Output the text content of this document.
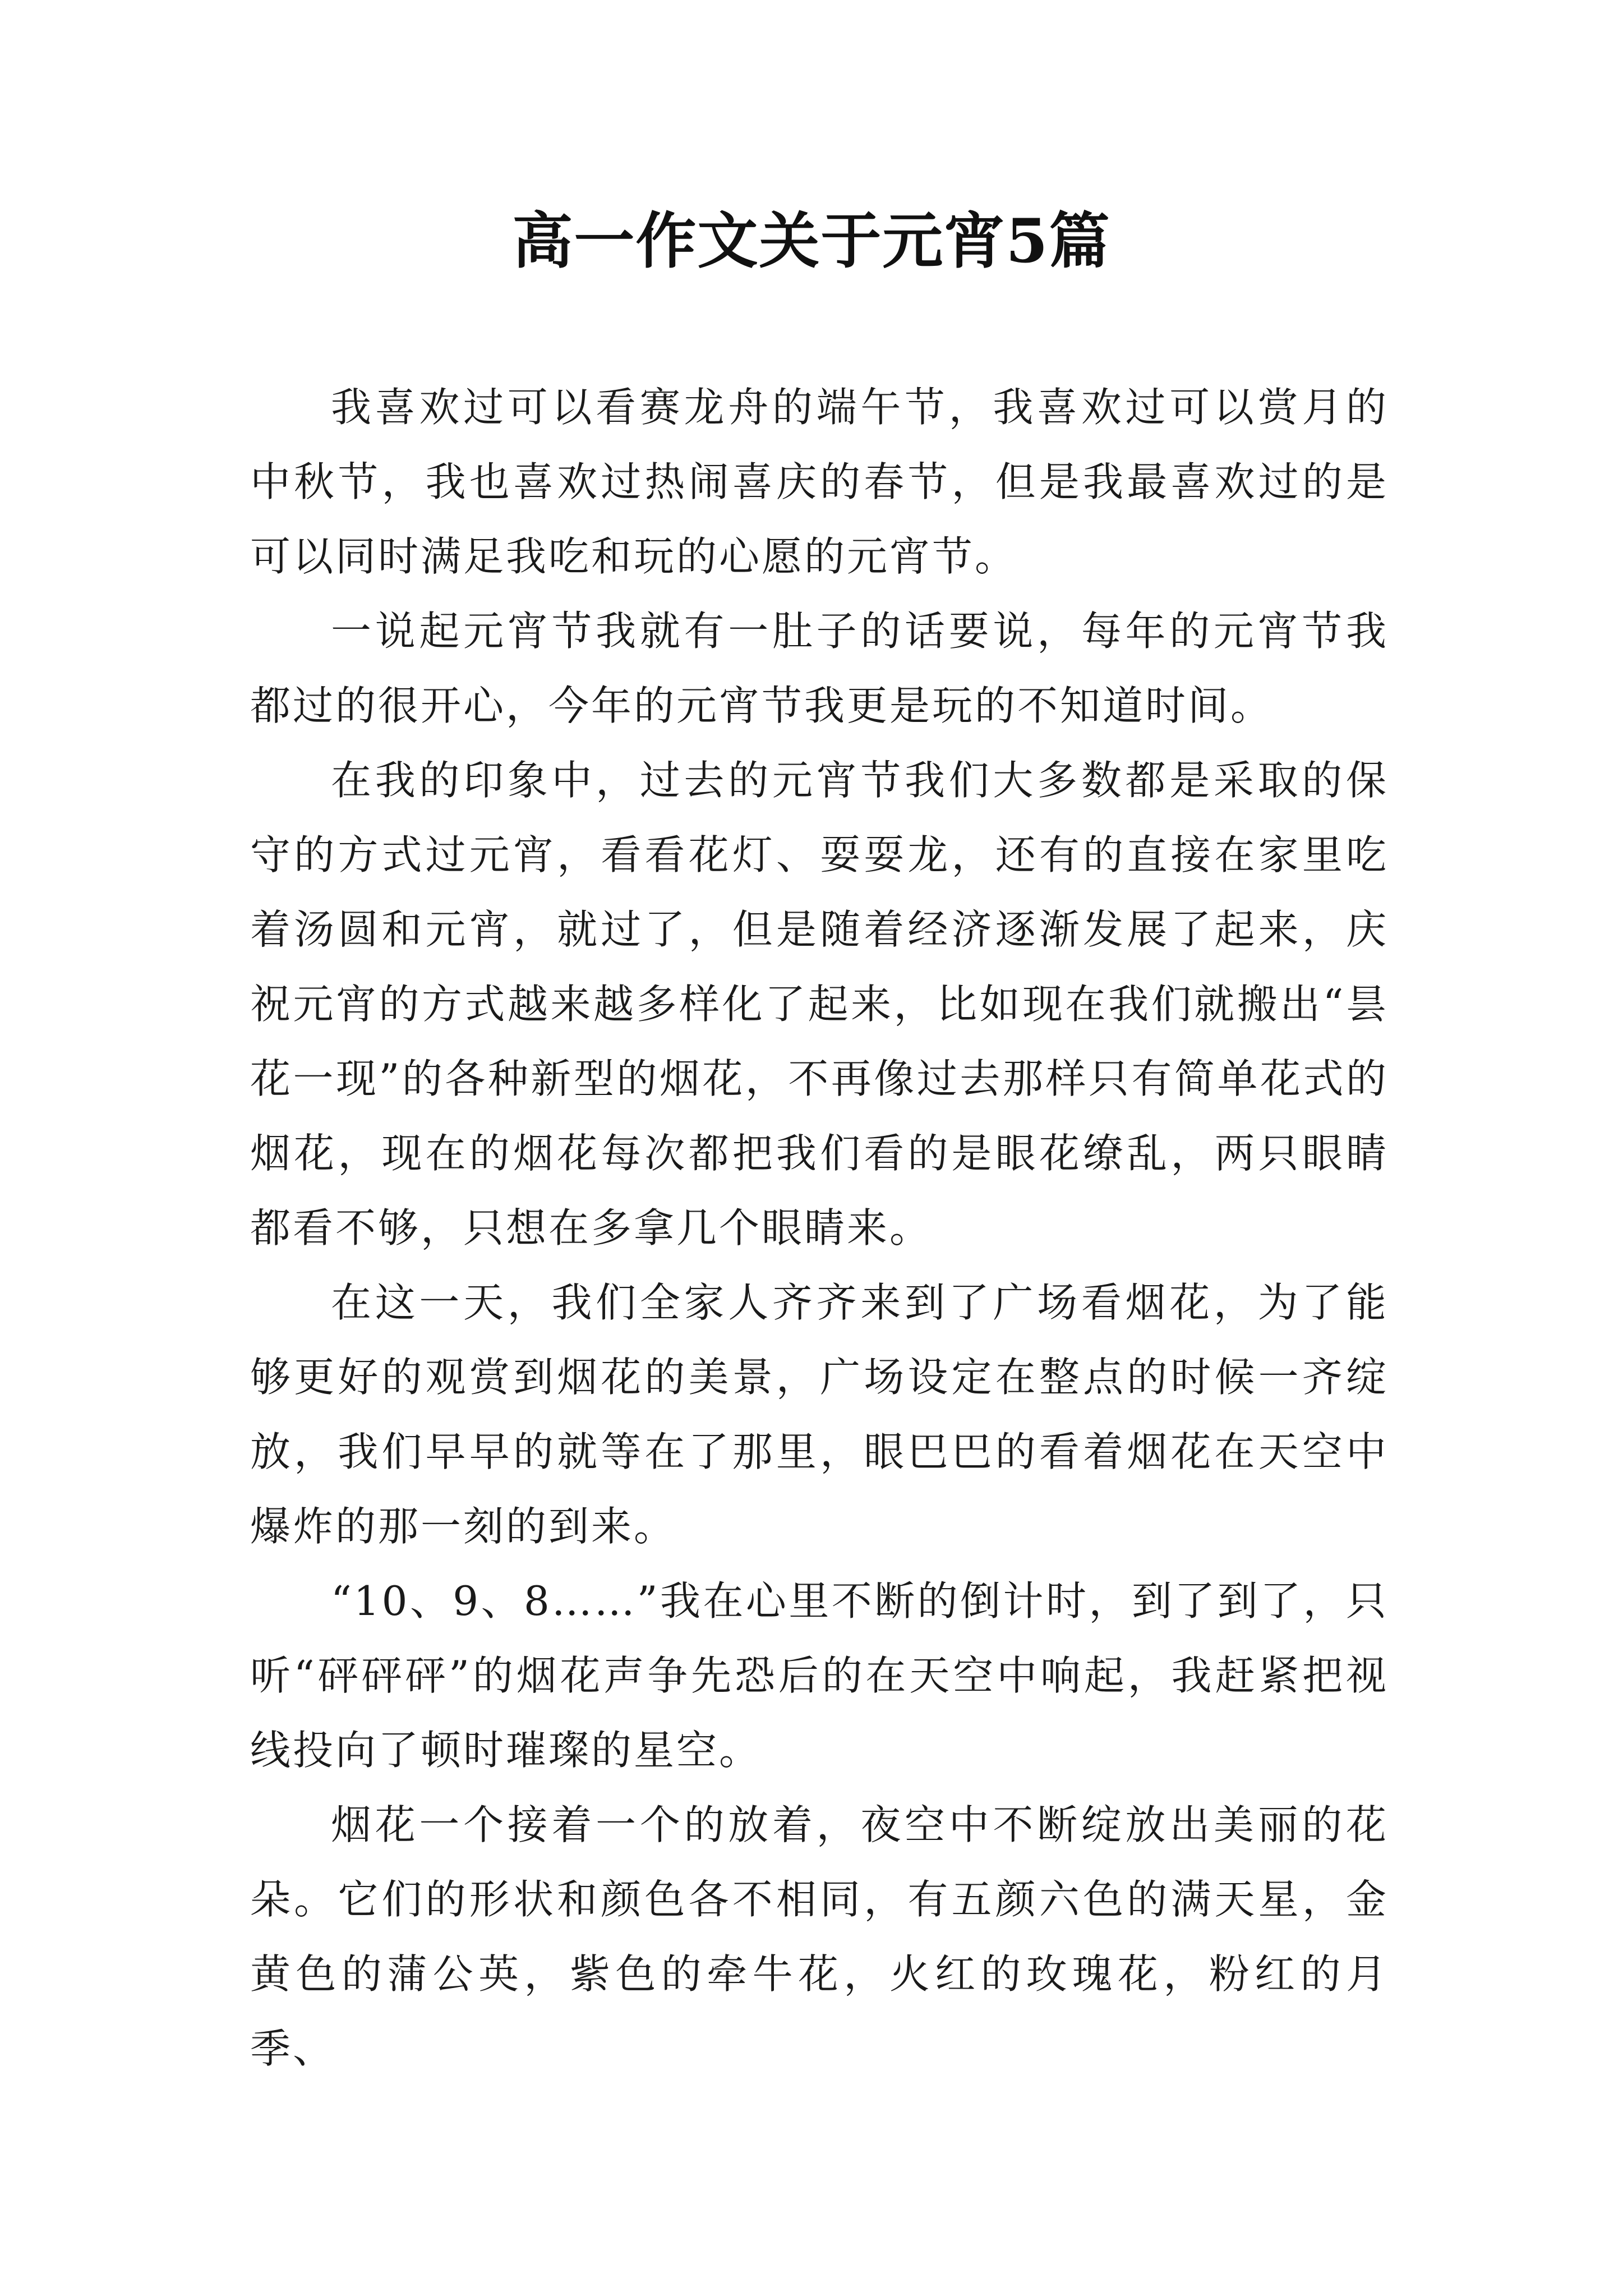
高一作文关于元宵5篇

我喜欢过可以看赛龙舟的端午节，我喜欢过可以赏月的中秋节，我也喜欢过热闹喜庆的春节，但是我最喜欢过的是可以同时满足我吃和玩的心愿的元宵节。

一说起元宵节我就有一肚子的话要说，每年的元宵节我都过的很开心，今年的元宵节我更是玩的不知道时间。

在我的印象中，过去的元宵节我们大多数都是采取的保守的方式过元宵，看看花灯、耍耍龙，还有的直接在家里吃着汤圆和元宵，就过了，但是随着经济逐渐发展了起来，庆祝元宵的方式越来越多样化了起来，比如现在我们就搬出“昙花一现”的各种新型的烟花，不再像过去那样只有简单花式的烟花，现在的烟花每次都把我们看的是眼花缭乱，两只眼睛都看不够，只想在多拿几个眼睛来。

在这一天，我们全家人齐齐来到了广场看烟花，为了能够更好的观赏到烟花的美景，广场设定在整点的时候一齐绽放，我们早早的就等在了那里，眼巴巴的看着烟花在天空中爆炸的那一刻的到来。

“10、9、8……”我在心里不断的倒计时，到了到了，只听“砰砰砰”的烟花声争先恐后的在天空中响起，我赶紧把视线投向了顿时璀璨的星空。

烟花一个接着一个的放着，夜空中不断绽放出美丽的花朵。它们的形状和颜色各不相同，有五颜六色的满天星，金黄色的蒲公英，紫色的牵牛花，火红的玫瑰花，粉红的月季、
